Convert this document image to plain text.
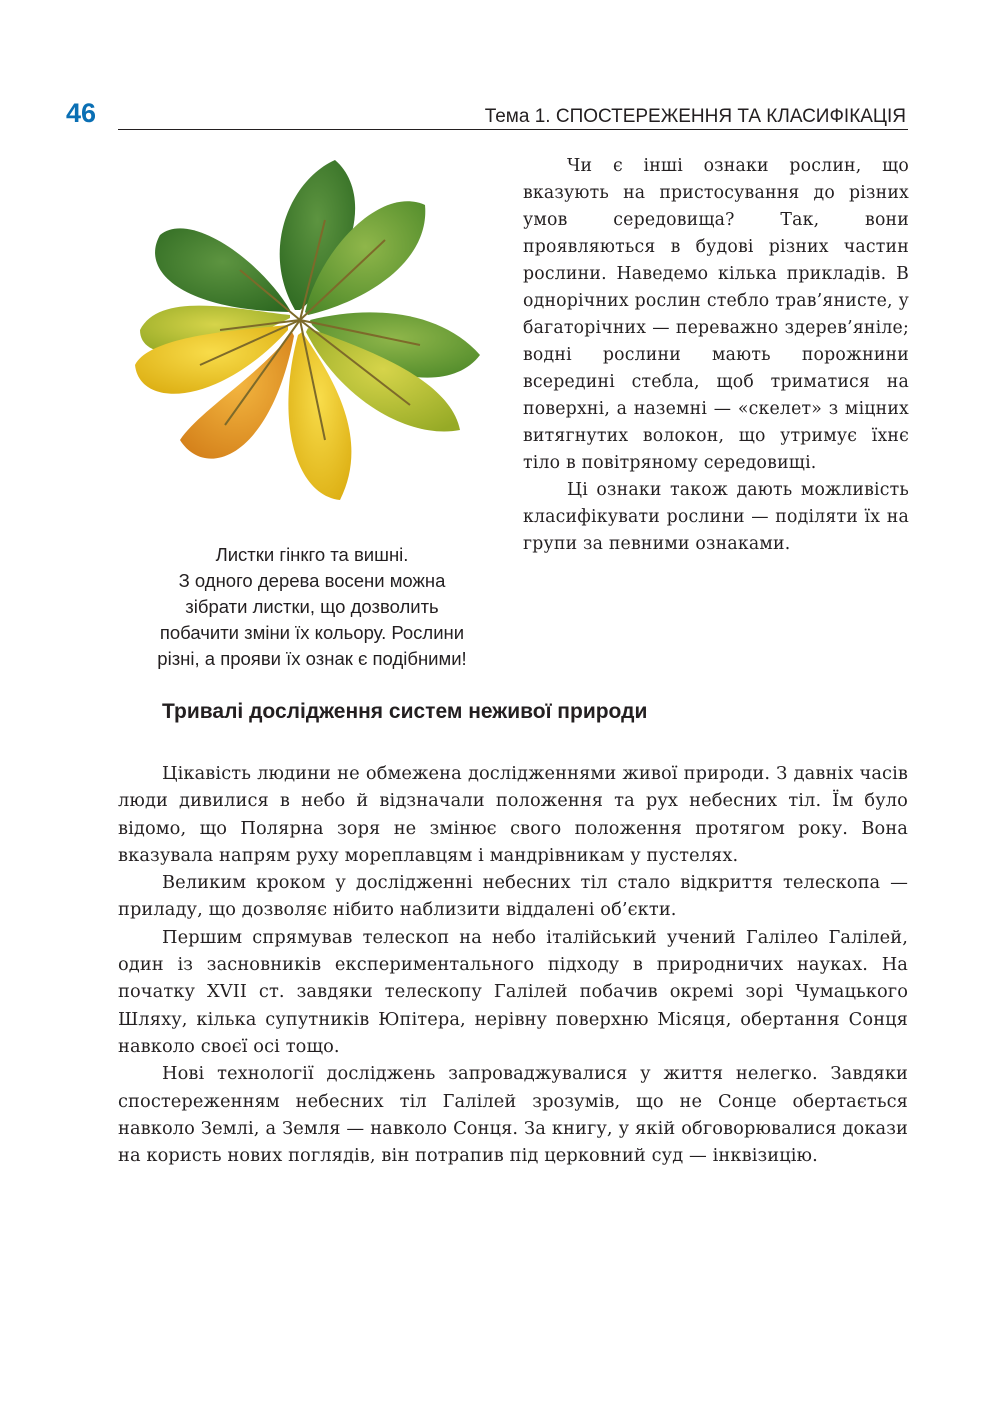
46	Тема 1. СПОСТЕРЕЖЕННЯ ТА КЛАСИФІКАЦІЯ

Листки гінкго та вишні.
З одного дерева восени можна
зібрати листки, що дозволить
побачити зміни їх кольору. Рослини
різні, а прояви їх ознак є подібними!

Чи є інші ознаки рослин, що вказують на пристосування до різних умов середовища? Так, вони проявляються в будові різних частин рослини. Наведемо кілька прикладів. В однорічних рослин стебло трав’янисте, у багаторічних — переважно здерев’яніле; водні рослини мають порожнини всередині стебла, щоб триматися на поверхні, а наземні — «скелет» з міцних витягнутих волокон, що утримує їхнє тіло в повітряному середовищі.

Ці ознаки також дають можливість класифікувати рослини — поділяти їх на групи за певними ознаками.

Тривалі дослідження систем неживої природи

Цікавість людини не обмежена дослідженнями живої природи. З давніх часів люди дивилися в небо й відзначали положення та рух небесних тіл. Їм було відомо, що Полярна зоря не змінює свого положення протягом року. Вона вказувала напрям руху мореплавцям і мандрівникам у пустелях.

Великим кроком у дослідженні небесних тіл стало відкриття телескопа — приладу, що дозволяє нібито наблизити віддалені об’єкти.

Першим спрямував телескоп на небо італійський учений Галілео Галілей, один із засновників експериментального підходу в природничих науках. На початку XVII ст. завдяки телескопу Галілей побачив окремі зорі Чумацького Шляху, кілька супутників Юпітера, нерівну поверхню Місяця, обертання Сонця навколо своєї осі тощо.

Нові технології досліджень запроваджувалися у життя нелегко. Завдяки спостереженням небесних тіл Галілей зрозумів, що не Сонце обертається навколо Землі, а Земля — навколо Сонця. За книгу, у якій обговорювалися докази на користь нових поглядів, він потрапив під церковний суд — інквізицію.
